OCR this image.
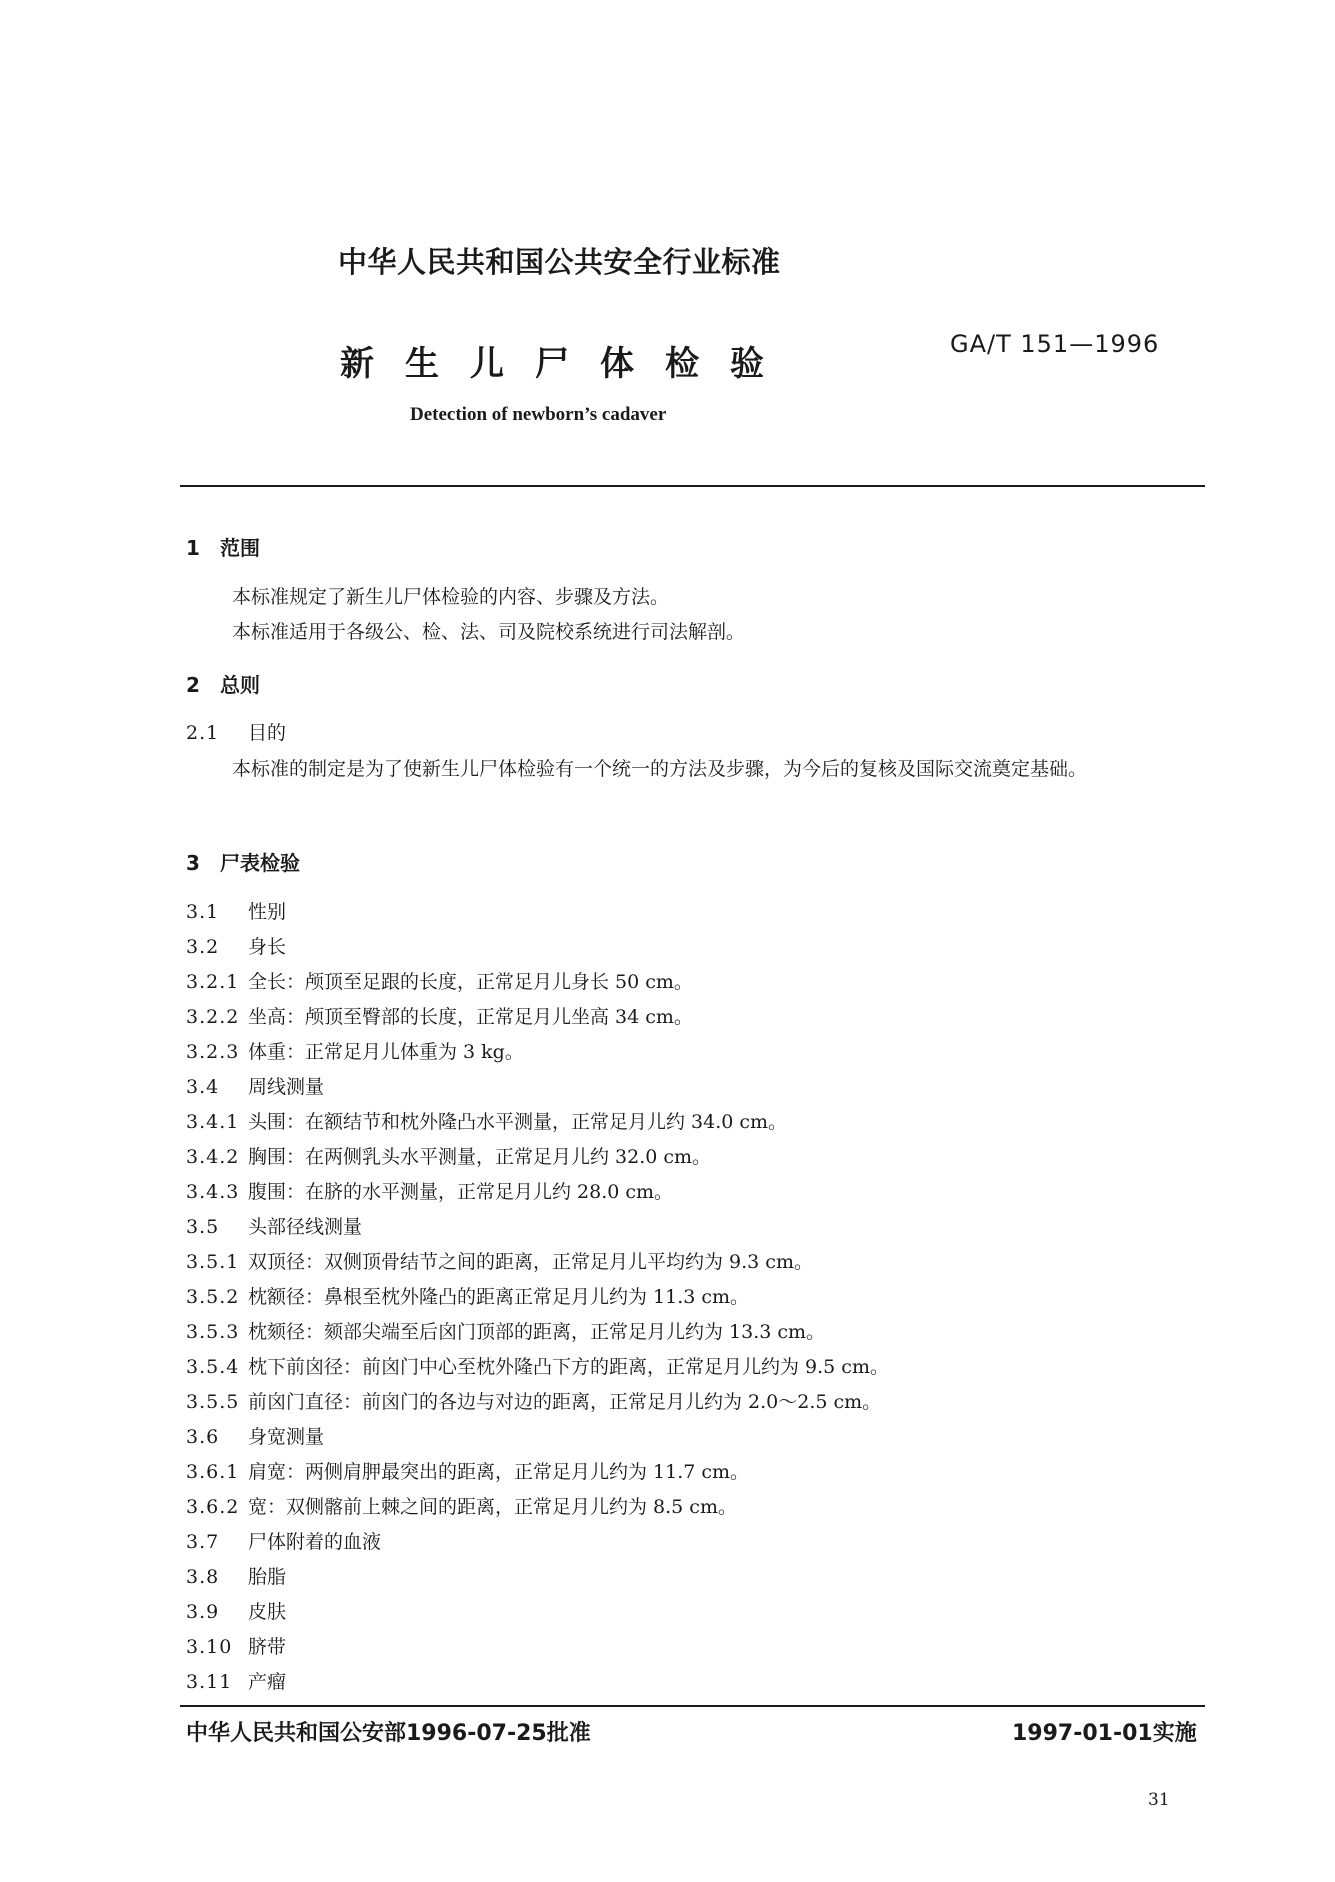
中华人民共和国公共安全行业标准
新生儿尸体检验	GA/T 151—1996
Detection of newborn’s cadaver
1 范围
本标准规定了新生儿尸体检验的内容、步骤及方法。
本标准适用于各级公、检、法、司及院校系统进行司法解剖。
2 总则
2.1 目的
本标准的制定是为了使新生儿尸体检验有一个统一的方法及步骤，为今后的复核及国际交流奠定基础。
3 尸表检验
3.1 性别
3.2 身长
3.2.1 全长：颅顶至足跟的长度，正常足月儿身长 50 cm。
3.2.2 坐高：颅顶至臀部的长度，正常足月儿坐高 34 cm。
3.2.3 体重：正常足月儿体重为 3 kg。
3.4 周线测量
3.4.1 头围：在额结节和枕外隆凸水平测量，正常足月儿约 34.0 cm。
3.4.2 胸围：在两侧乳头水平测量，正常足月儿约 32.0 cm。
3.4.3 腹围：在脐的水平测量，正常足月儿约 28.0 cm。
3.5 头部径线测量
3.5.1 双顶径：双侧顶骨结节之间的距离，正常足月儿平均约为 9.3 cm。
3.5.2 枕额径：鼻根至枕外隆凸的距离正常足月儿约为 11.3 cm。
3.5.3 枕颏径：颏部尖端至后囟门顶部的距离，正常足月儿约为 13.3 cm。
3.5.4 枕下前囟径：前囟门中心至枕外隆凸下方的距离，正常足月儿约为 9.5 cm。
3.5.5 前囟门直径：前囟门的各边与对边的距离，正常足月儿约为 2.0～2.5 cm。
3.6 身宽测量
3.6.1 肩宽：两侧肩胛最突出的距离，正常足月儿约为 11.7 cm。
3.6.2 宽：双侧髂前上棘之间的距离，正常足月儿约为 8.5 cm。
3.7 尸体附着的血液
3.8 胎脂
3.9 皮肤
3.10 脐带
3.11 产瘤
中华人民共和国公安部1996-07-25批准	1997-01-01实施
31
